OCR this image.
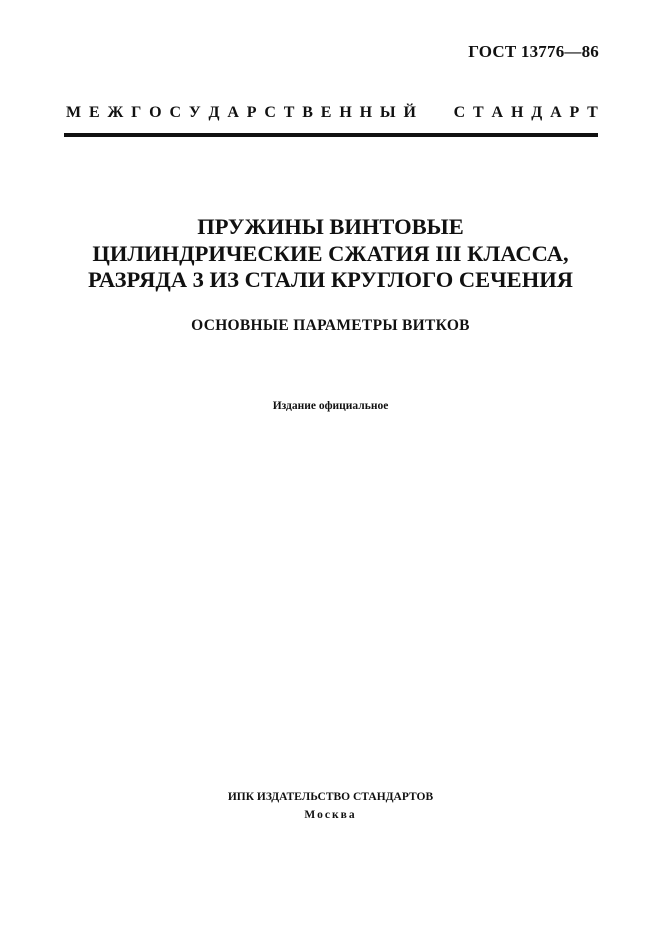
ГОСТ 13776—86
М Е Ж Г О С У Д А Р С Т В Е Н Н Ы Й С Т А Н Д А Р Т
ПРУЖИНЫ ВИНТОВЫЕ
ЦИЛИНДРИЧЕСКИЕ СЖАТИЯ III КЛАССА,
РАЗРЯДА 3 ИЗ СТАЛИ КРУГЛОГО СЕЧЕНИЯ
ОСНОВНЫЕ ПАРАМЕТРЫ ВИТКОВ
Издание официальное
ИПК ИЗДАТЕЛЬСТВО СТАНДАРТОВ
Москва
